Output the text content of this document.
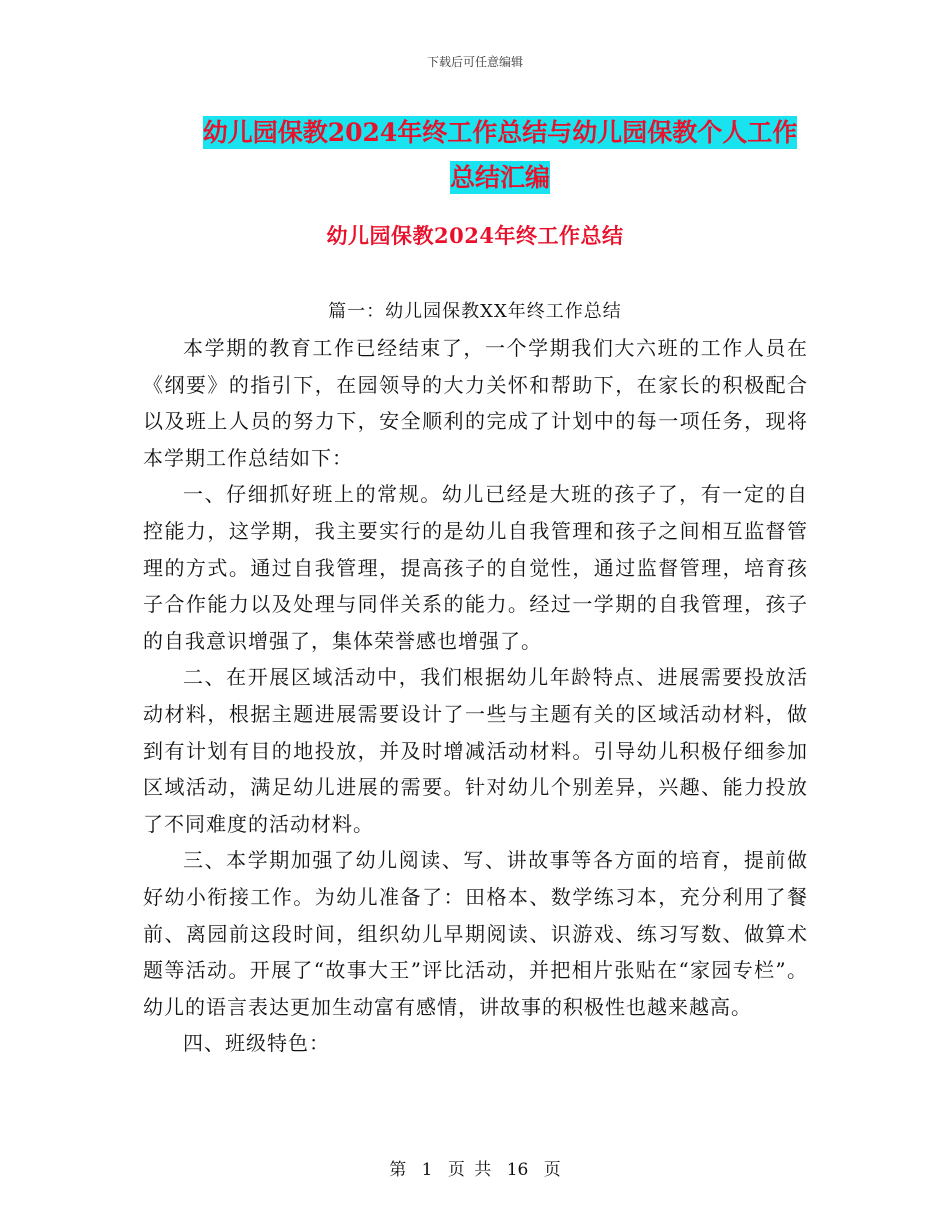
下载后可任意编辑
幼儿园保教2024年终工作总结与幼儿园保教个人工作
总结汇编
幼儿园保教2024年终工作总结
篇一：幼儿园保教XX年终工作总结

本学期的教育工作已经结束了，一个学期我们大六班的工作人员在《纲要》的指引下，在园领导的大力关怀和帮助下，在家长的积极配合以及班上人员的努力下，安全顺利的完成了计划中的每一项任务，现将本学期工作总结如下：

一、仔细抓好班上的常规。幼儿已经是大班的孩子了，有一定的自控能力，这学期，我主要实行的是幼儿自我管理和孩子之间相互监督管理的方式。通过自我管理，提高孩子的自觉性，通过监督管理，培育孩子合作能力以及处理与同伴关系的能力。经过一学期的自我管理，孩子的自我意识增强了，集体荣誉感也增强了。

二、在开展区域活动中，我们根据幼儿年龄特点、进展需要投放活动材料，根据主题进展需要设计了一些与主题有关的区域活动材料，做到有计划有目的地投放，并及时增减活动材料。引导幼儿积极仔细参加区域活动，满足幼儿进展的需要。针对幼儿个别差异，兴趣、能力投放了不同难度的活动材料。

三、本学期加强了幼儿阅读、写、讲故事等各方面的培育，提前做好幼小衔接工作。为幼儿准备了：田格本、数学练习本，充分利用了餐前、离园前这段时间，组织幼儿早期阅读、识游戏、练习写数、做算术题等活动。开展了“故事大王”评比活动，并把相片张贴在“家园专栏”。幼儿的语言表达更加生动富有感情，讲故事的积极性也越来越高。

四、班级特色：

第 1 页 共 16 页
